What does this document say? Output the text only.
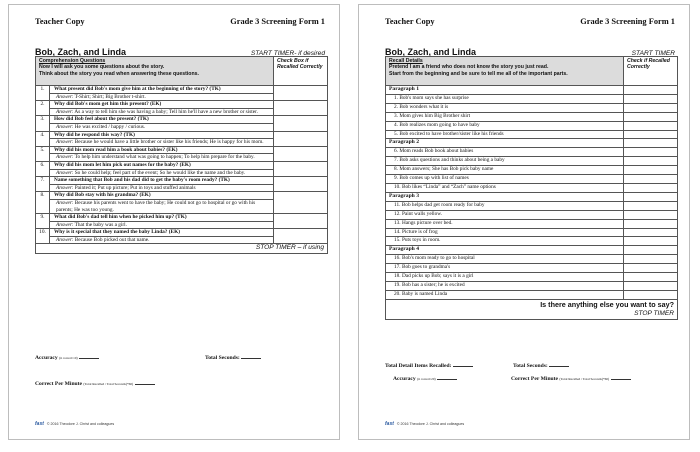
Teacher Copy	Grade 3 Screening Form 1
Bob, Zach, and Linda	START TIMER- if desired
Comprehension Questions
Now I will ask you some questions about the story.
Think about the story you read when answering these questions.		Check Box if Recalled Correctly
1.	What present did Bob's mom give him at the beginning of the story? (TK)	
	Answer: T-Shirt; Shirt; Big Brother t-shirt.	
2.	Why did Bob's mom get him this present? (EK)	
	Answer: As a way to tell him she was having a baby; Tell him he'll have a new brother or sister.	
3.	How did Bob feel about the present? (TK)	
	Answer: He was excited / happy / curious.	
4.	Why did he respond this way? (TK)	
	Answer: Because he would have a little brother or sister like his friends; He is happy for his mom.	
5.	Why did his mom read him a book about babies? (EK)	
	Answer: To help him understand what was going to happen; To help him prepare for the baby.	
6.	Why did his mom let him pick out names for the baby? (EK)	
	Answer: So he could help; feel part of the event; So he would like the name and the baby.	
7.	Name something that Bob and his dad did to get the baby's room ready? (TK)	
	Answer: Painted it; Put up picture; Put in toys and stuffed animals	
8.	Why did Bob stay with his grandma? (EK)	
	Answer: Because his parents went to have the baby; He could not go to hospital or go with his parents; He was too young.	
9.	What did Bob's dad tell him when he picked him up? (TK)	
	Answer: That the baby was a girl.	
10.	Why is it special that they named the baby Linda? (EK)	
	Answer: Because Bob picked out that name.	
STOP TIMER – if using		
Accuracy (# correct/10)	Total Seconds:
Correct Per Minute (Total Recalled / Total Seconds)*60)
fast © 2016 Theodore J. Christ and colleagues
Teacher Copy	Grade 3 Screening Form 1
Bob, Zach, and Linda	START TIMER
Recall Details
Pretend I am a friend who does not know the story you just read.
Start from the beginning and be sure to tell me all of the important parts.	Check if Recalled Correctly
Paragraph 1	
1. Bob's mom says she has surprise	
2. Bob wonders what it is	
3. Mom gives him Big Brother shirt	
4. Bob realizes mom going to have baby	
5. Bob excited to have brother/sister like his friends	
Paragraph 2	
6. Mom reads Bob book about babies	
7. Bob asks questions and thinks about being a baby	
8. Mom answers; She has Bob pick baby name	
9. Bob comes up with list of names	
10. Bob likes “Linda” and “Zach” name options	
Paragraph 3	
11. Bob helps dad get room ready for baby	
12. Paint walls yellow.	
13. Hangs picture over bed.	
14. Picture is of frog	
15. Puts toys in room.	
Paragraph 4	
16. Bob's mom ready to go to hospital	
17. Bob goes to grandma's	
18. Dad picks up Bob; says it is a girl	
19. Bob has a sister; he is excited	
20. Baby is named Linda	
Is there anything else you want to say?	
STOP TIMER	
Total Detail Items Recalled:	Total Seconds:
Accuracy (# correct/20)	Correct Per Minute (Total Recalled / Total Seconds)*60)
fast © 2016 Theodore J. Christ and colleagues
